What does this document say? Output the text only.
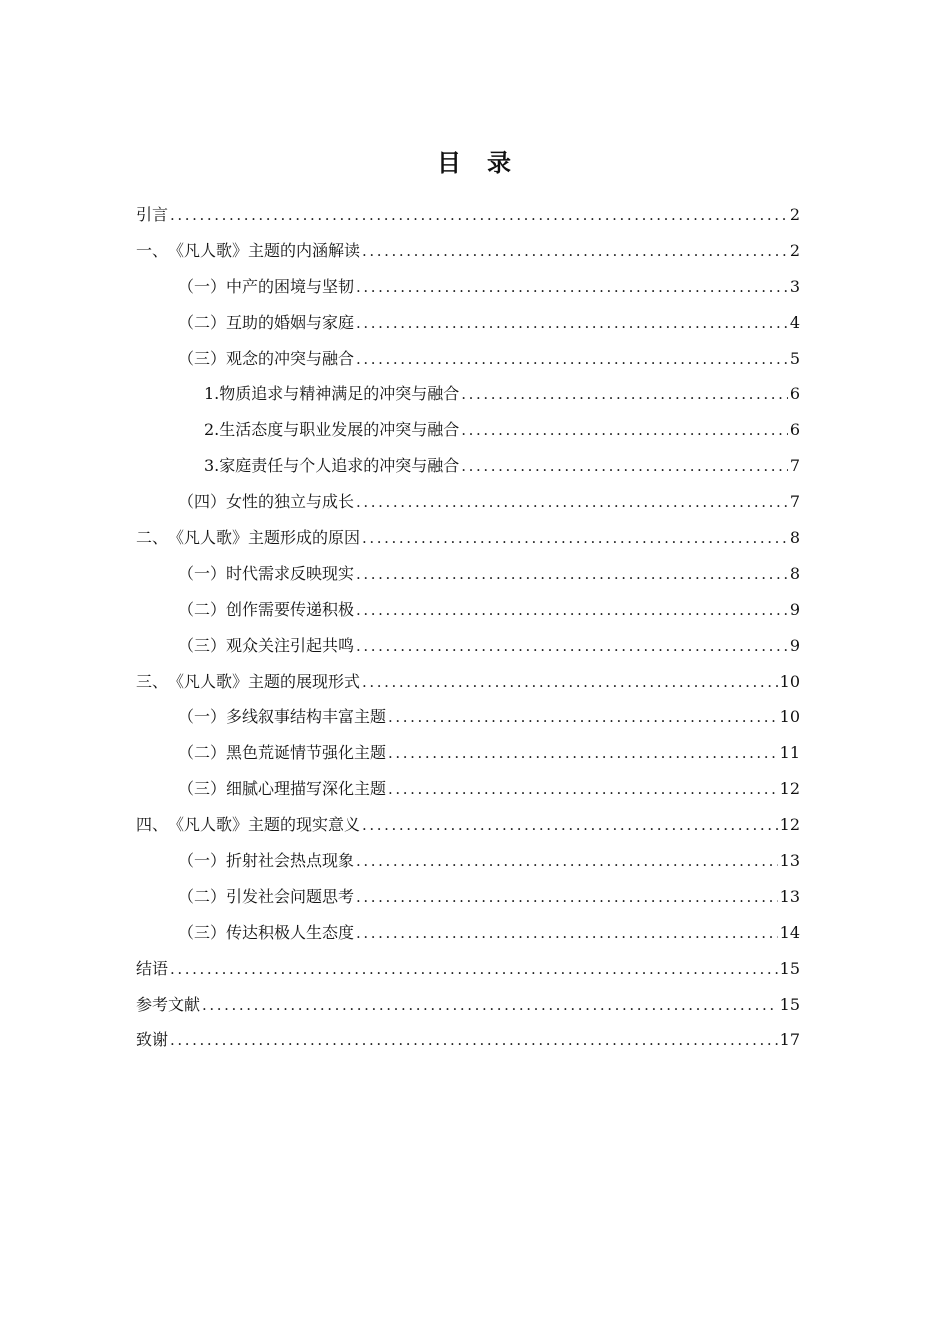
目 录
引言 .....	2
一、 《凡人歌》主题的内涵解读 .....	2
（一） 中产的困境与坚韧 .....	3
（二） 互助的婚姻与家庭 .....	4
（三） 观念的冲突与融合 .....	5
1. 物质追求与精神满足的冲突与融合 .....	6
2. 生活态度与职业发展的冲突与融合 .....	6
3. 家庭责任与个人追求的冲突与融合 .....	7
（四） 女性的独立与成长 .....	7
二、 《凡人歌》主题形成的原因 .....	8
（一） 时代需求反映现实 .....	8
（二） 创作需要传递积极 .....	9
（三） 观众关注引起共鸣 .....	9
三、 《凡人歌》主题的展现形式 .....	10
（一） 多线叙事结构丰富主题 .....	10
（二） 黑色荒诞情节强化主题 .....	11
（三） 细腻心理描写深化主题 .....	12
四、 《凡人歌》主题的现实意义 .....	12
（一） 折射社会热点现象 .....	13
（二） 引发社会问题思考 .....	13
（三） 传达积极人生态度 .....	14
结语 .....	15
参考文献 .....	15
致谢 .....	17
